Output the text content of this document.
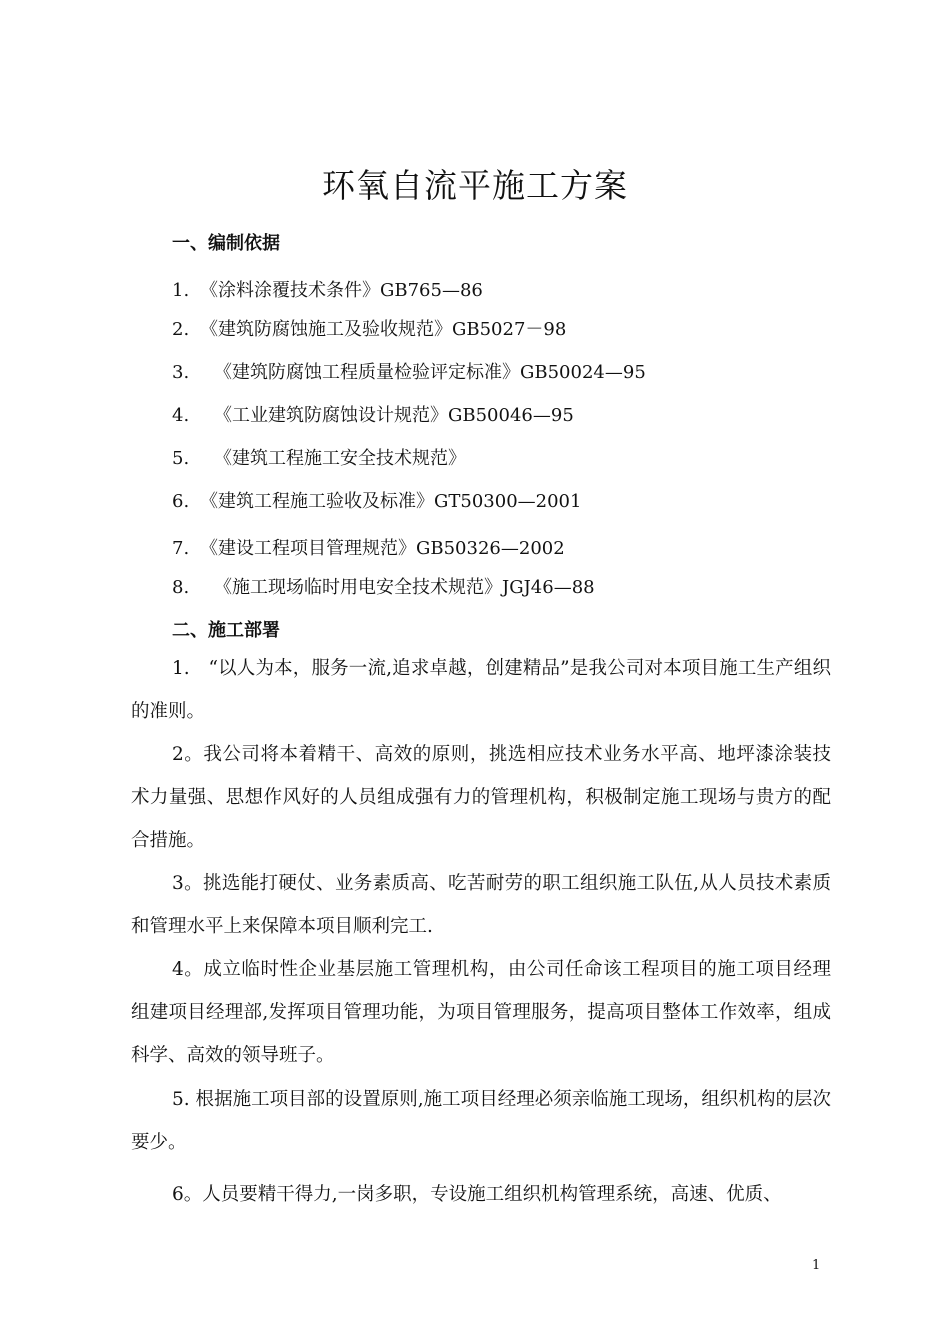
环氧自流平施工方案
一、编制依据
1. 《涂料涂覆技术条件》GB765—86
2. 《建筑防腐蚀施工及验收规范》GB5027－98
3. 《建筑防腐蚀工程质量检验评定标准》GB50024—95
4. 《工业建筑防腐蚀设计规范》GB50046—95
5. 《建筑工程施工安全技术规范》
6. 《建筑工程施工验收及标准》GT50300—2001
7. 《建设工程项目管理规范》GB50326—2002
8. 《施工现场临时用电安全技术规范》JGJ46—88
二、施工部署

1.　“以人为本，服务一流,追求卓越，创建精品”是我公司对本项目施工生产组织的准则。

2。我公司将本着精干、高效的原则，挑选相应技术业务水平高、地坪漆涂装技术力量强、思想作风好的人员组成强有力的管理机构，积极制定施工现场与贵方的配合措施。

3。挑选能打硬仗、业务素质高、吃苦耐劳的职工组织施工队伍,从人员技术素质和管理水平上来保障本项目顺利完工.

4。成立临时性企业基层施工管理机构，由公司任命该工程项目的施工项目经理组建项目经理部,发挥项目管理功能，为项目管理服务，提高项目整体工作效率，组成科学、高效的领导班子。

5. 根据施工项目部的设置原则,施工项目经理必须亲临施工现场，组织机构的层次要少。

6。人员要精干得力,一岗多职，专设施工组织机构管理系统，高速、优质、

1
